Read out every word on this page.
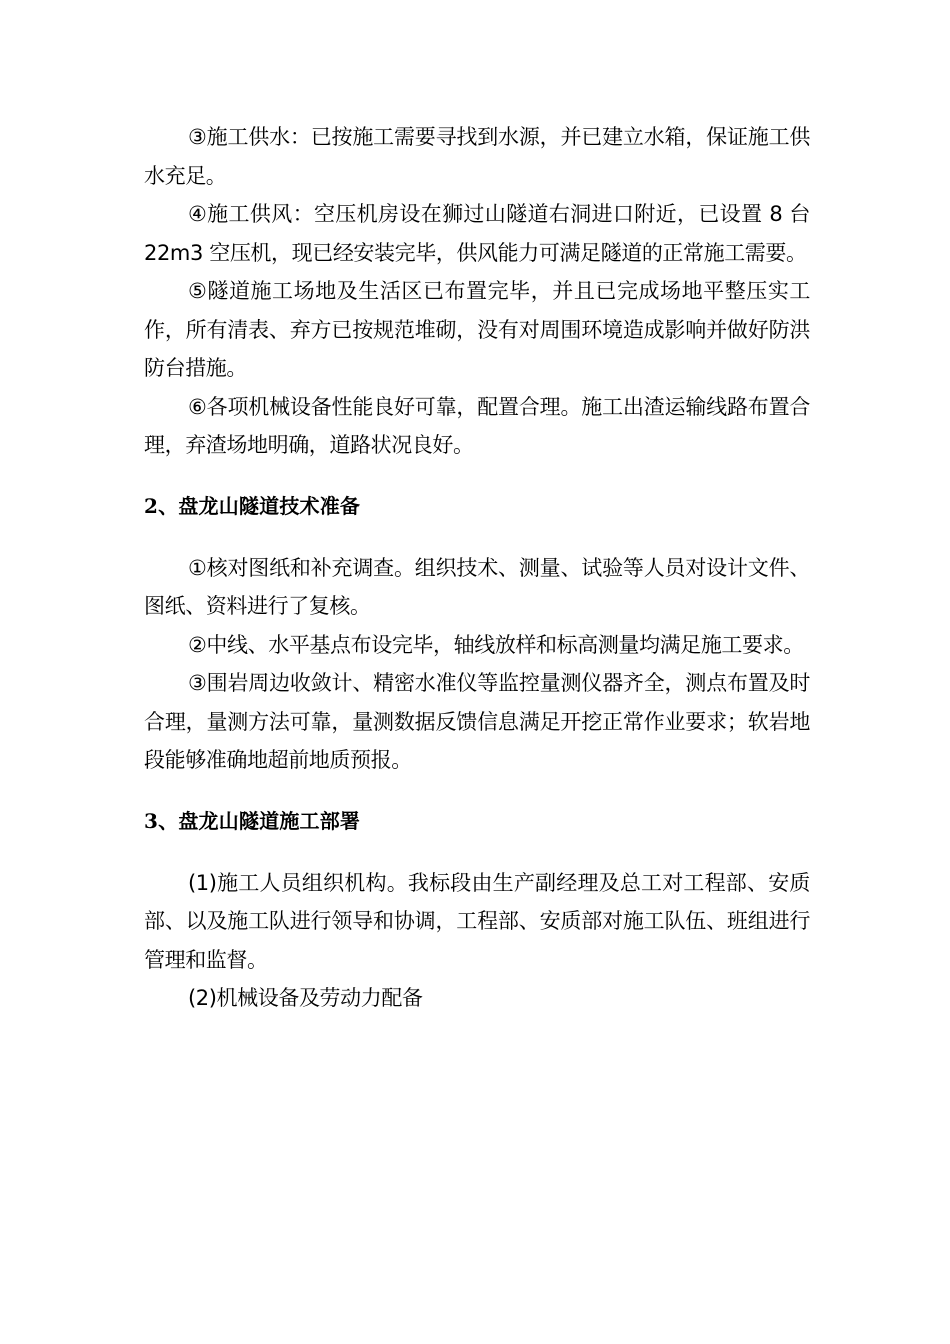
③施工供水：已按施工需要寻找到水源，并已建立水箱，保证施工供水充足。

④施工供风：空压机房设在狮过山隧道右洞进口附近，已设置 8 台 22m3 空压机，现已经安装完毕，供风能力可满足隧道的正常施工需要。

⑤隧道施工场地及生活区已布置完毕，并且已完成场地平整压实工作，所有清表、弃方已按规范堆砌，没有对周围环境造成影响并做好防洪防台措施。

⑥各项机械设备性能良好可靠，配置合理。施工出渣运输线路布置合理，弃渣场地明确，道路状况良好。

2、盘龙山隧道技术准备

①核对图纸和补充调查。组织技术、测量、试验等人员对设计文件、图纸、资料进行了复核。

②中线、水平基点布设完毕，轴线放样和标高测量均满足施工要求。

③围岩周边收敛计、精密水准仪等监控量测仪器齐全，测点布置及时合理，量测方法可靠，量测数据反馈信息满足开挖正常作业要求；软岩地段能够准确地超前地质预报。

3、盘龙山隧道施工部署

(1)施工人员组织机构。我标段由生产副经理及总工对工程部、安质部、以及施工队进行领导和协调，工程部、安质部对施工队伍、班组进行管理和监督。

(2)机械设备及劳动力配备
